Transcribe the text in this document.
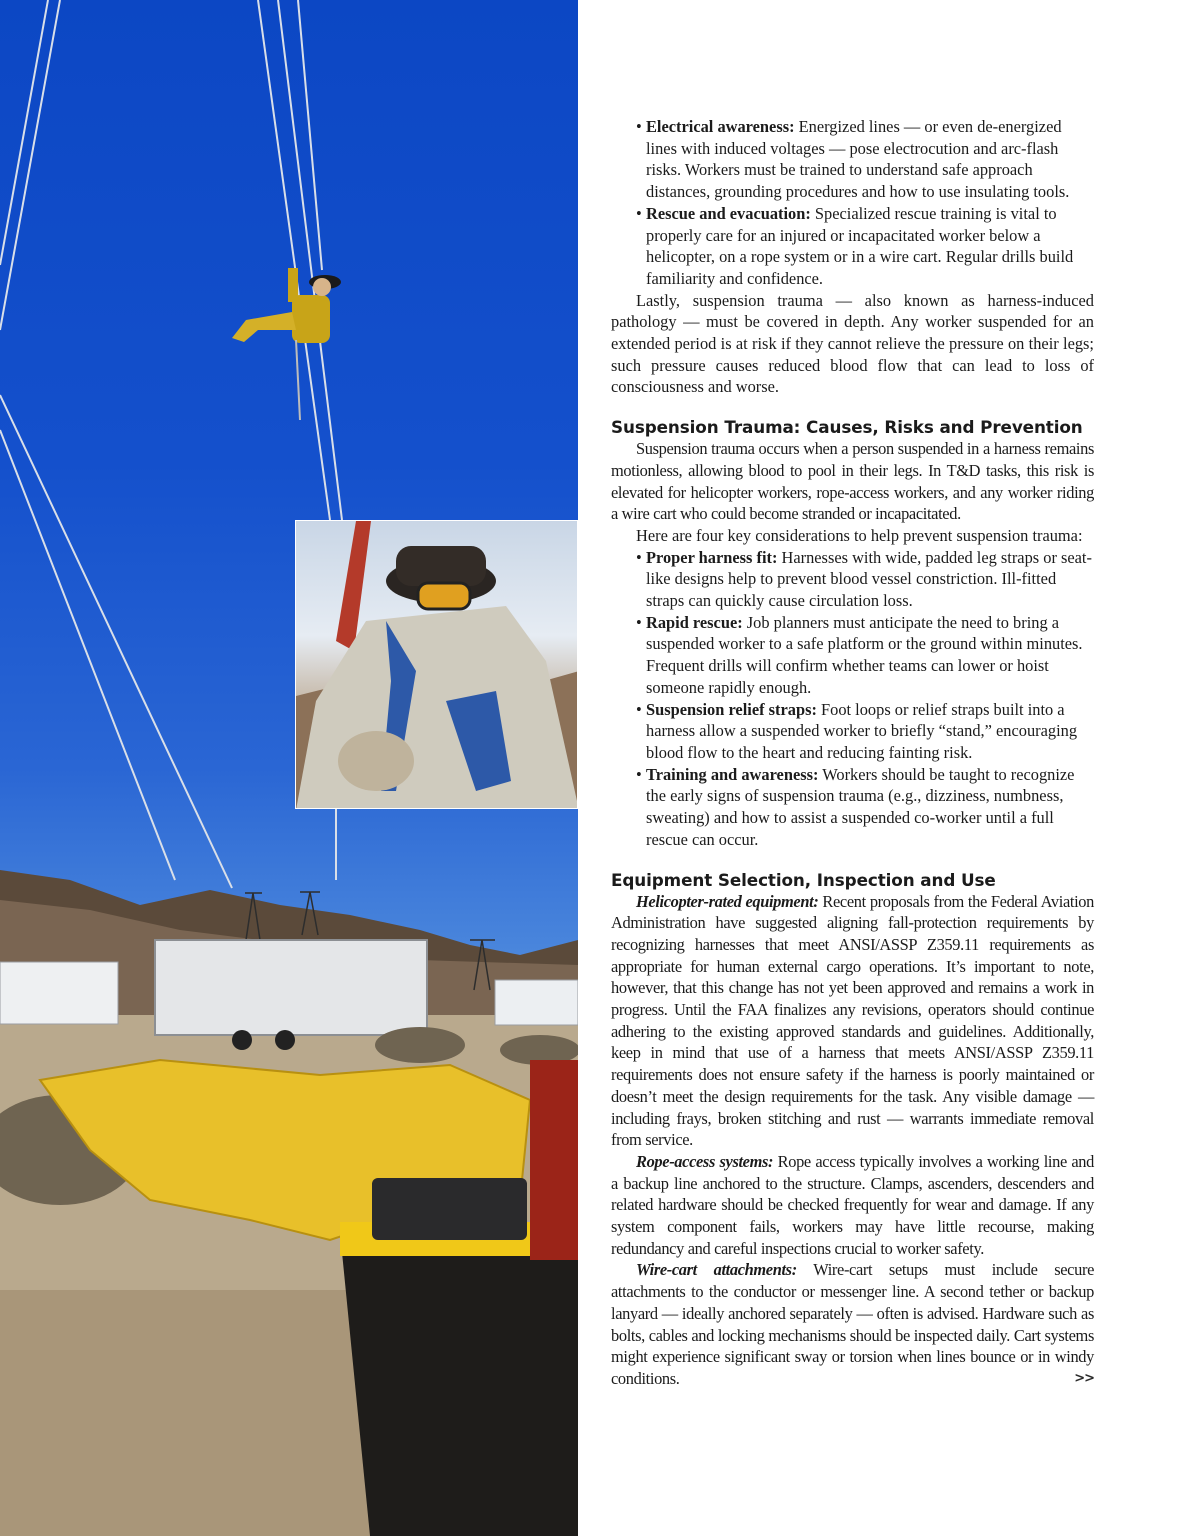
• Electrical awareness: Energized lines — or even de-energized lines with induced voltages — pose electrocution and arc-flash risks. Workers must be trained to understand safe approach distances, grounding procedures and how to use insulating tools.
• Rescue and evacuation: Specialized rescue training is vital to properly care for an injured or incapacitated worker below a helicopter, on a rope system or in a wire cart. Regular drills build familiarity and confidence.

Lastly, suspension trauma — also known as harness-induced pathology — must be covered in depth. Any worker suspended for an extended period is at risk if they cannot relieve the pressure on their legs; such pressure causes reduced blood flow that can lead to loss of consciousness and worse.

Suspension Trauma: Causes, Risks and Prevention

Suspension trauma occurs when a person suspended in a harness remains motionless, allowing blood to pool in their legs. In T&D tasks, this risk is elevated for helicopter workers, rope-access workers, and any worker riding a wire cart who could become stranded or incapacitated.

Here are four key considerations to help prevent suspension trauma:

• Proper harness fit: Harnesses with wide, padded leg straps or seat-like designs help to prevent blood vessel constriction. Ill-fitted straps can quickly cause circulation loss.
• Rapid rescue: Job planners must anticipate the need to bring a suspended worker to a safe platform or the ground within minutes. Frequent drills will confirm whether teams can lower or hoist someone rapidly enough.
• Suspension relief straps: Foot loops or relief straps built into a harness allow a suspended worker to briefly “stand,” encouraging blood flow to the heart and reducing fainting risk.
• Training and awareness: Workers should be taught to recognize the early signs of suspension trauma (e.g., dizziness, numbness, sweating) and how to assist a suspended co-worker until a full rescue can occur.
Equipment Selection, Inspection and Use

Helicopter-rated equipment: Recent proposals from the Federal Aviation Administration have suggested aligning fall-protection requirements by recognizing harnesses that meet ANSI/ASSP Z359.11 requirements as appropriate for human external cargo operations. It’s important to note, however, that this change has not yet been approved and remains a work in progress. Until the FAA finalizes any revisions, operators should continue adhering to the existing approved standards and guidelines. Additionally, keep in mind that use of a harness that meets ANSI/ASSP Z359.11 requirements does not ensure safety if the harness is poorly maintained or doesn’t meet the design requirements for the task. Any visible damage — including frays, broken stitching and rust — warrants immediate removal from service.

Rope-access systems: Rope access typically involves a working line and a backup line anchored to the structure. Clamps, ascenders, descenders and related hardware should be checked frequently for wear and damage. If any system component fails, workers may have little recourse, making redundancy and careful inspections crucial to worker safety.

Wire-cart attachments: Wire-cart setups must include secure attachments to the conductor or messenger line. A second tether or backup lanyard — ideally anchored separately — often is advised. Hardware such as bolts, cables and locking mechanisms should be inspected daily. Cart systems might experience significant sway or torsion when lines bounce or in windy conditions.	>>
